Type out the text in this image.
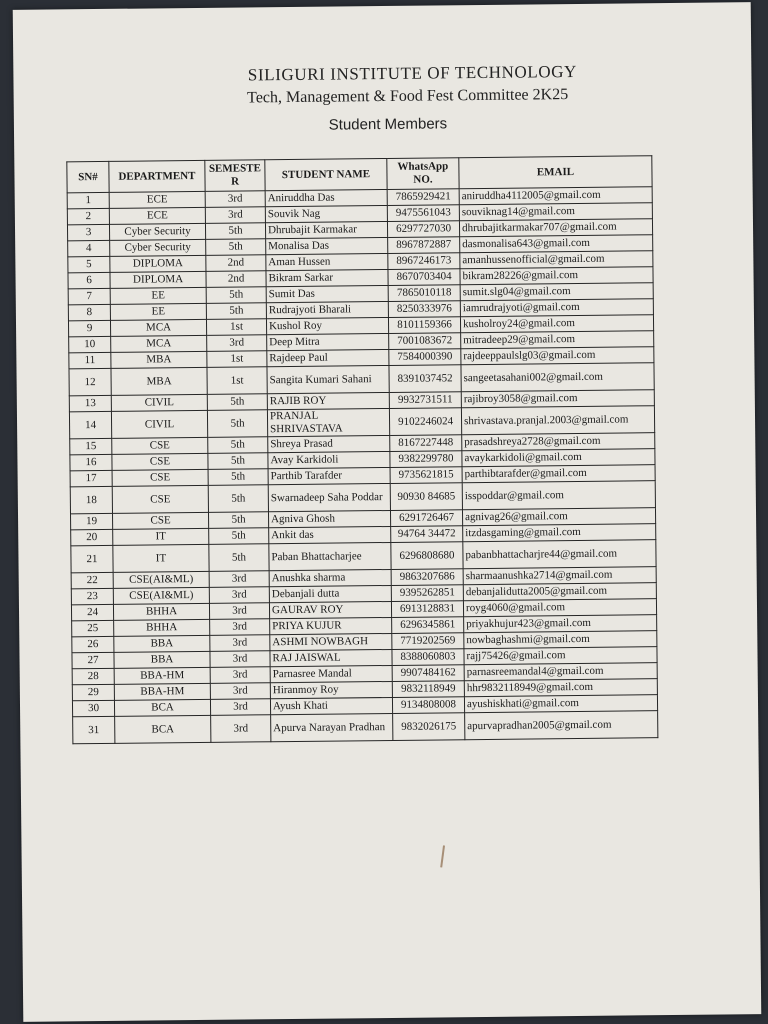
SILIGURI INSTITUTE OF TECHNOLOGY
Tech, Management & Food Fest Committee 2K25
Student Members
SN#	DEPARTMENT	SEMESTER	STUDENT NAME	WhatsApp NO.	EMAIL
1	ECE	3rd	Aniruddha Das	7865929421	aniruddha4112005@gmail.com
2	ECE	3rd	Souvik Nag	9475561043	souviknag14@gmail.com
3	Cyber Security	5th	Dhrubajit Karmakar	6297727030	dhrubajitkarmakar707@gmail.com
4	Cyber Security	5th	Monalisa Das	8967872887	dasmonalisa643@gmail.com
5	DIPLOMA	2nd	Aman Hussen	8967246173	amanhussenofficial@gmail.com
6	DIPLOMA	2nd	Bikram Sarkar	8670703404	bikram28226@gmail.com
7	EE	5th	Sumit Das	7865010118	sumit.slg04@gmail.com
8	EE	5th	Rudrajyoti Bharali	8250333976	iamrudrajyoti@gmail.com
9	MCA	1st	Kushol Roy	8101159366	kusholroy24@gmail.com
10	MCA	3rd	Deep Mitra	7001083672	mitradeep29@gmail.com
11	MBA	1st	Rajdeep Paul	7584000390	rajdeeppaulslg03@gmail.com
12	MBA	1st	Sangita Kumari Sahani	8391037452	sangeetasahani002@gmail.com
13	CIVIL	5th	RAJIB ROY	9932731511	rajibroy3058@gmail.com
14	CIVIL	5th	PRANJAL SHRIVASTAVA	9102246024	shrivastava.pranjal.2003@gmail.com
15	CSE	5th	Shreya Prasad	8167227448	prasadshreya2728@gmail.com
16	CSE	5th	Avay Karkidoli	9382299780	avaykarkidoli@gmail.com
17	CSE	5th	Parthib Tarafder	9735621815	parthibtarafder@gmail.com
18	CSE	5th	Swarnadeep Saha Poddar	90930 84685	isspoddar@gmail.com
19	CSE	5th	Agniva Ghosh	6291726467	agnivag26@gmail.com
20	IT	5th	Ankit das	94764 34472	itzdasgaming@gmail.com
21	IT	5th	Paban Bhattacharjee	6296808680	pabanbhattacharjre44@gmail.com
22	CSE(AI&ML)	3rd	Anushka sharma	9863207686	sharmaanushka2714@gmail.com
23	CSE(AI&ML)	3rd	Debanjali dutta	9395262851	debanjalidutta2005@gmail.com
24	BHHA	3rd	GAURAV ROY	6913128831	royg4060@gmail.com
25	BHHA	3rd	PRIYA KUJUR	6296345861	priyakhujur423@gmail.com
26	BBA	3rd	ASHMI NOWBAGH	7719202569	nowbaghashmi@gmail.com
27	BBA	3rd	RAJ JAISWAL	8388060803	rajj75426@gmail.com
28	BBA-HM	3rd	Parnasree Mandal	9907484162	parnasreemandal4@gmail.com
29	BBA-HM	3rd	Hiranmoy Roy	9832118949	hhr9832118949@gmail.com
30	BCA	3rd	Ayush Khati	9134808008	ayushiskhati@gmail.com
31	BCA	3rd	Apurva Narayan Pradhan	9832026175	apurvapradhan2005@gmail.com
